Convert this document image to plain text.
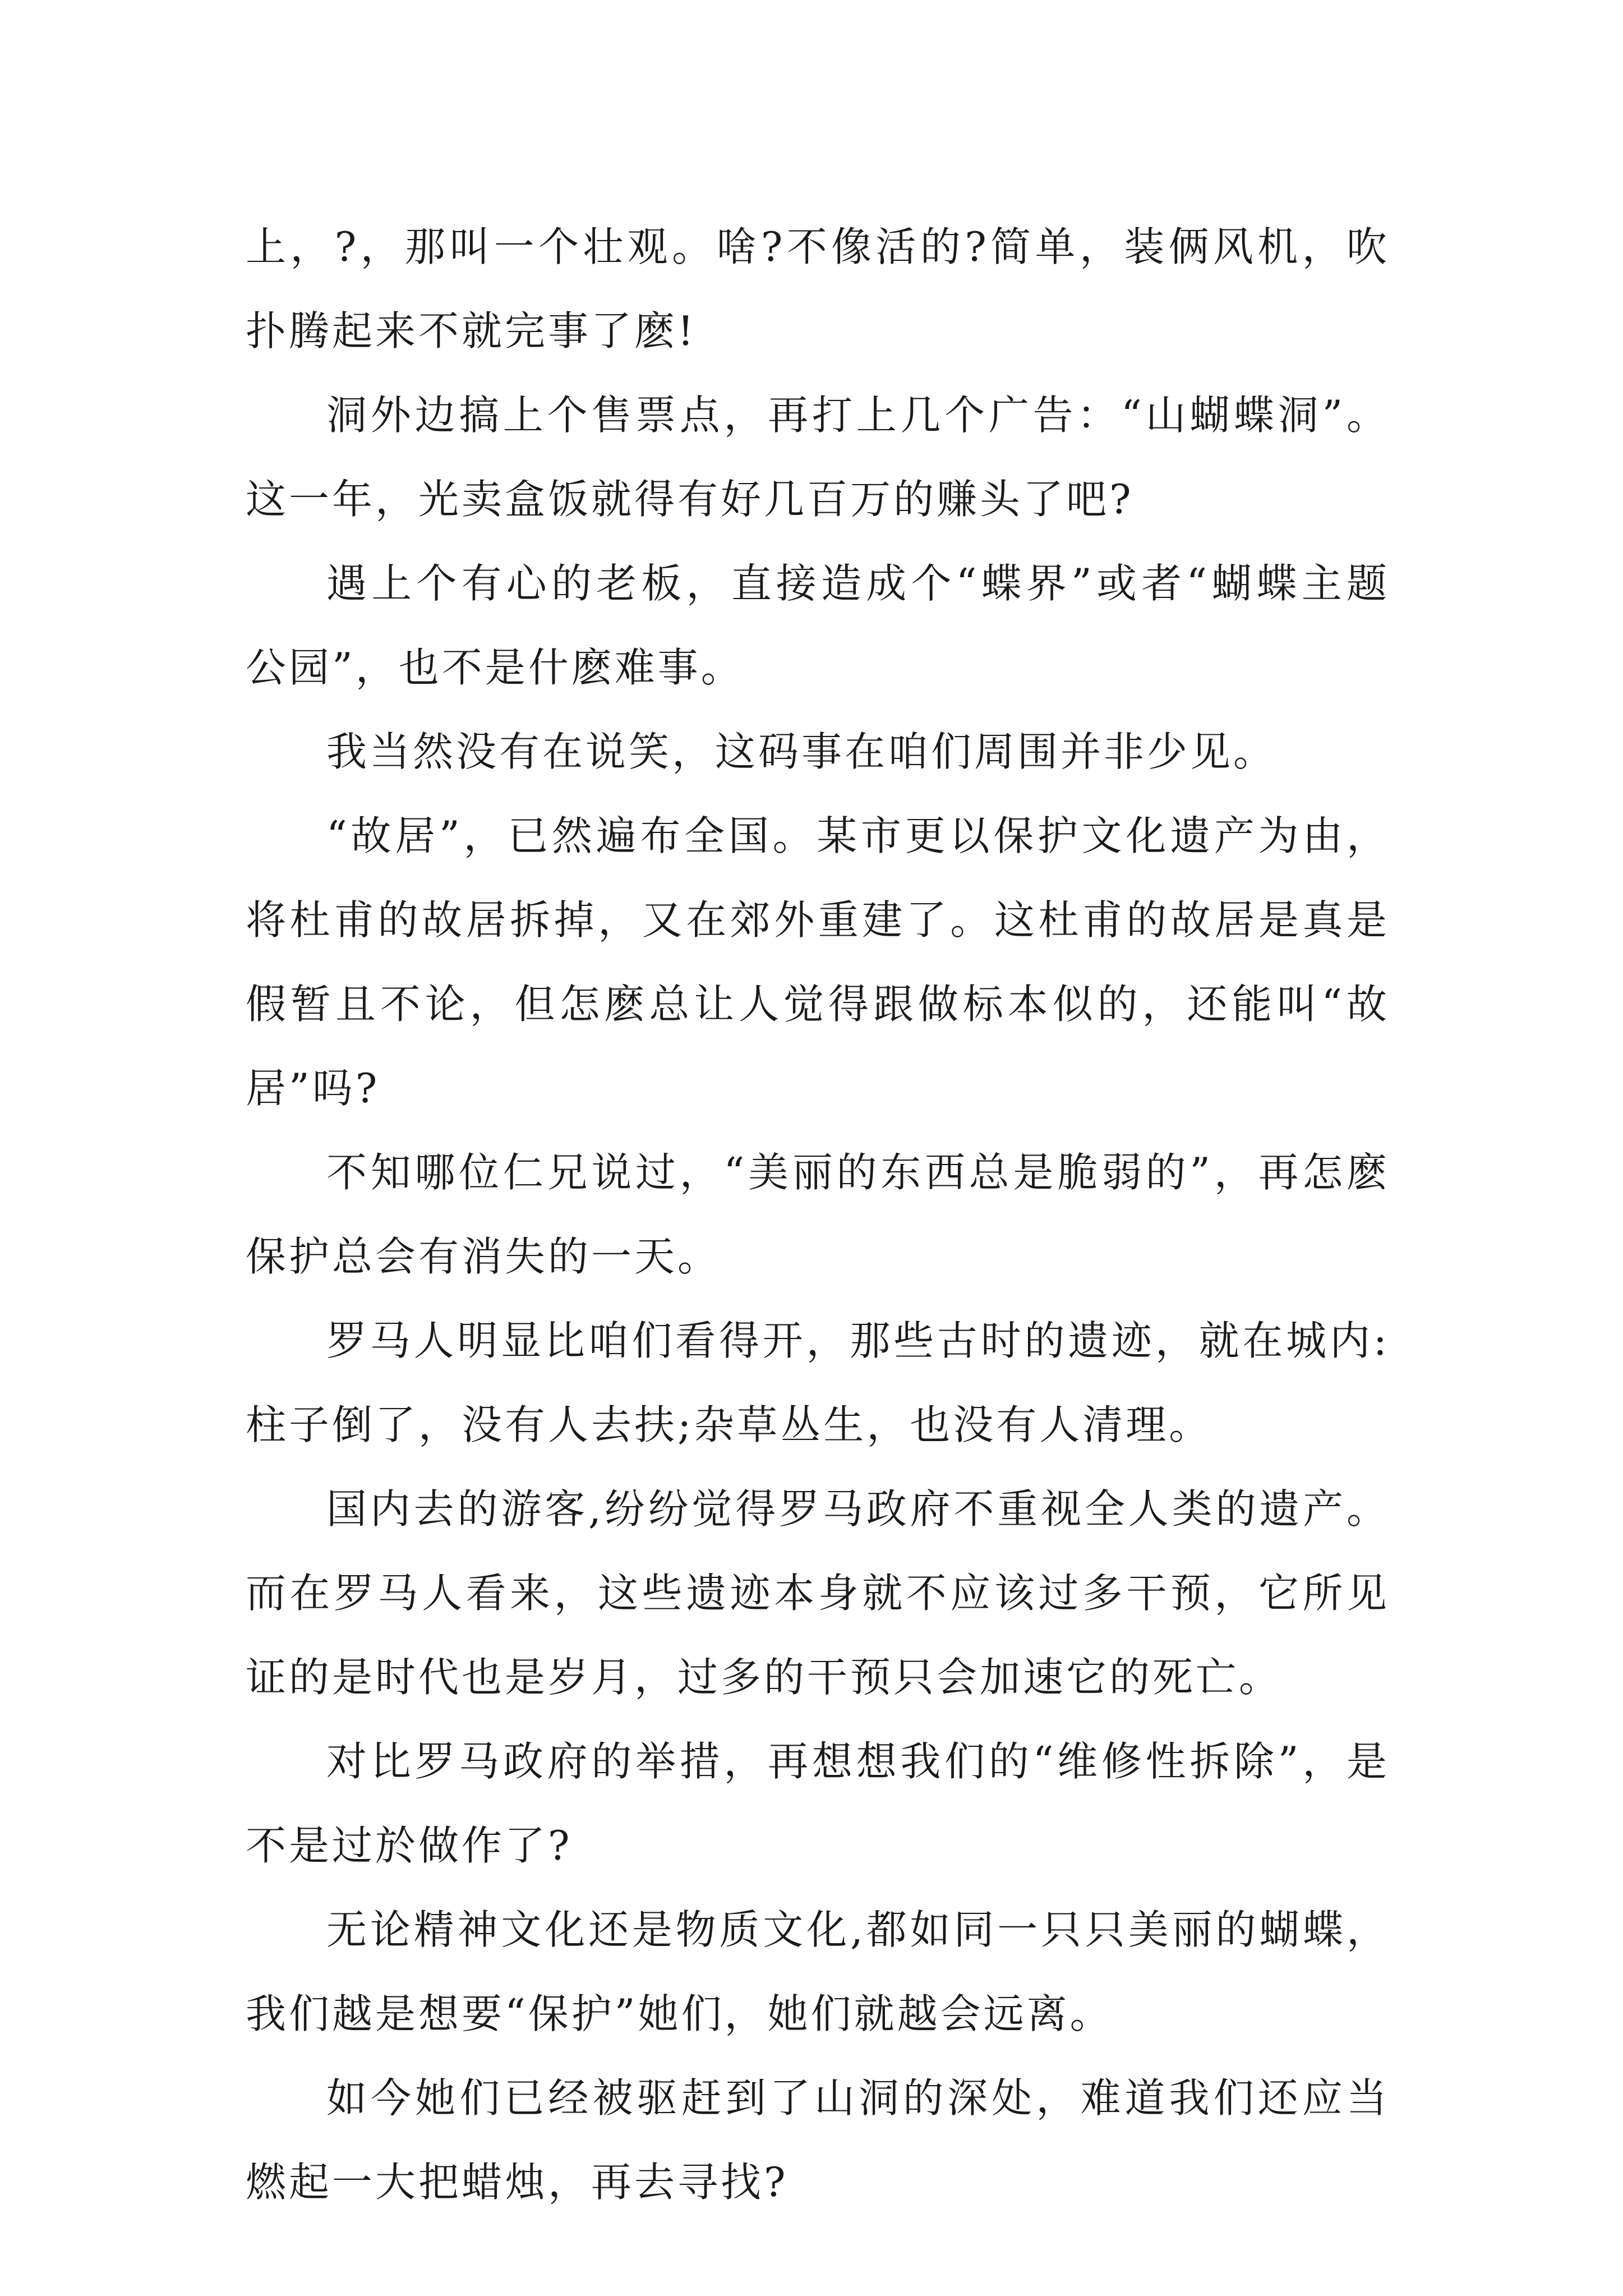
上，?，那叫一个壮观。啥?不像活的?简单，装俩风机，吹扑腾起来不就完事了麽!

洞外边搞上个售票点，再打上几个广告：“山蝴蝶洞”。这一年，光卖盒饭就得有好几百万的赚头了吧?

遇上个有心的老板，直接造成个“蝶界”或者“蝴蝶主题公园”，也不是什麽难事。

我当然没有在说笑，这码事在咱们周围并非少见。

“故居”，已然遍布全国。某市更以保护文化遗产为由，将杜甫的故居拆掉，又在郊外重建了。这杜甫的故居是真是假暂且不论，但怎麽总让人觉得跟做标本似的，还能叫“故居”吗?

不知哪位仁兄说过，“美丽的东西总是脆弱的”，再怎麽保护总会有消失的一天。

罗马人明显比咱们看得开，那些古时的遗迹，就在城内:柱子倒了，没有人去扶;杂草丛生，也没有人清理。

国内去的游客,纷纷觉得罗马政府不重视全人类的遗产。而在罗马人看来，这些遗迹本身就不应该过多干预，它所见证的是时代也是岁月，过多的干预只会加速它的死亡。

对比罗马政府的举措，再想想我们的“维修性拆除”，是不是过於做作了?

无论精神文化还是物质文化,都如同一只只美丽的蝴蝶，我们越是想要“保护”她们，她们就越会远离。

如今她们已经被驱赶到了山洞的深处，难道我们还应当燃起一大把蜡烛，再去寻找?
